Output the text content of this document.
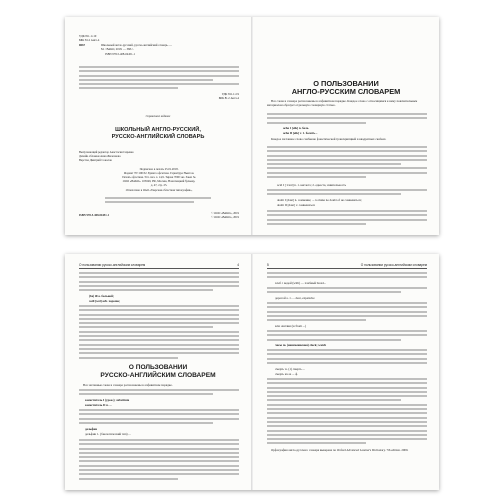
УДК 811.1=19
ББК 81.2 Англ-4
Ш67	Школьный англо-русский, русско-английский словарь. —
М. : ВАКО, 2018. — 368 с.
ISBN 978-5-408-04451-1
УДК 811.1=19
ББК 81.2 Англ-4
Справочное издание
ШКОЛЬНЫЙ АНГЛО-РУССКИЙ,
РУССКО-АНГЛИЙСКИЙ СЛОВАРЬ
Выпускающий редактор Анастасия Сиренко
Дизайн обложки Анна Железнова
Верстка Дмитрий Соколов
Подписано в печать 25.01.2018.
Формат 70×100/32. Бумага офсетная. Гарнитура Ньютон.
Печать офсетная. Усл. печ. л. 14,9. Тираж 7000 экз. Заказ №
ООО «ВАКО». 105049, РФ, Москва, Новоткацкий бульвар,
д. 47, стр. 25.
Отпечатано в ОАО «Тверская областная типография»,
© ООО «ВАКО», 2019
© ООО «ВАКО», 2019
ISBN 978-5-408-04451-1
О ПОЛЬЗОВАНИИ
АНГЛО-РУССКИМ СЛОВАРЕМ
Все слова в словаре расположены в алфавитном порядке. Каждое слово с относящимся к нему пояснительным материалом образует отдельную словарную статью.
ache 1 [eik] n. боль
ache II [eik] v. 1. болеть...
Каждое заглавное слово снабжено фонетической транскрипцией в квадратных скобках.
acid I [ˈæsɪd] n. 1. кислота; 2. едкость; язвительность
doubt I [daut] n. сомнение; ... to make no doubt of не сомневаться;
doubt II [daut] v. сомневаться
О пользовании русско-английским словарем	4
(be) ill a. больной;
well [wel] adv. хорошо;
О ПОЛЬЗОВАНИИ
РУССКО-АНГЛИЙСКИМ СЛОВАРЕМ
Все заглавные слова в словаре расположены в алфавитном порядке.
заместитель I (урок.); substitute
заместитель II n. ...
дельфин
дельфин 1. (биологический тип) ...
5	О пользовании русско-английским словарем
хлеб с водой (with) — хлебный bread...
дорогой a. 1. ... dear, expensive
в/из Англии (to/from ...)
часы m. (неизменяемая) clock; watch
смерть w. (1) смерть ...
смерть из-за ... ф.
Орфография англо-русского словаря выверена по Oxford Advanced Learner's Dictionary. 7th edition. 2009.
